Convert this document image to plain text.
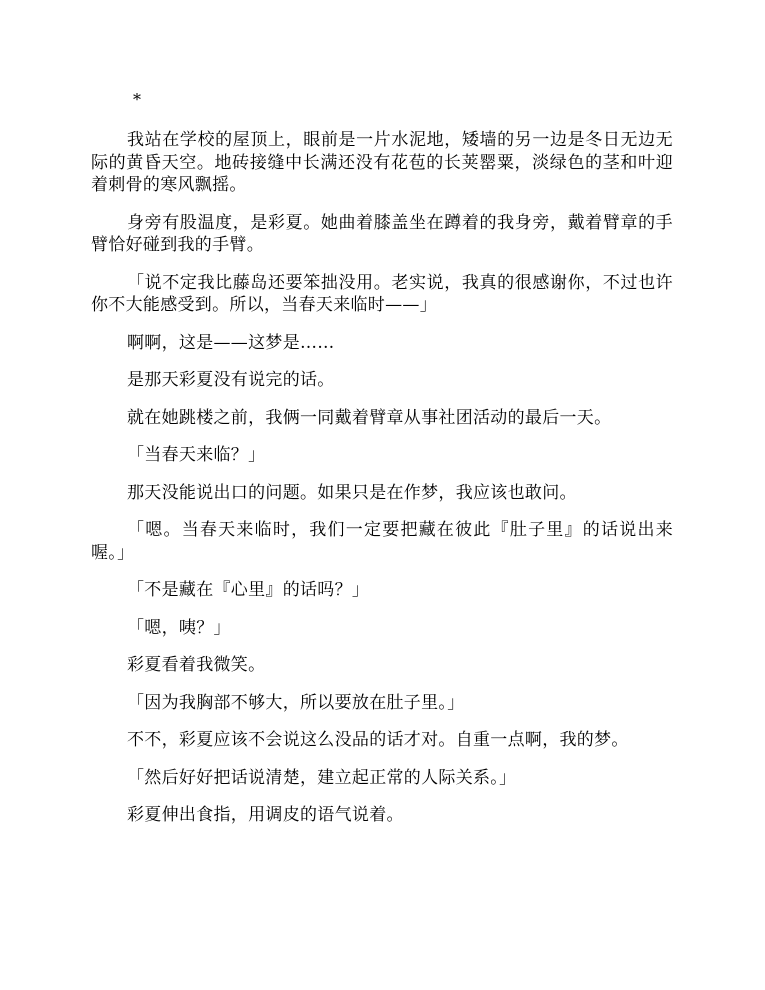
*

我站在学校的屋顶上，眼前是一片水泥地，矮墙的另一边是冬日无边无际的黄昏天空。地砖接缝中长满还没有花苞的长荚罂粟，淡绿色的茎和叶迎着刺骨的寒风飘摇。

身旁有股温度，是彩夏。她曲着膝盖坐在蹲着的我身旁，戴着臂章的手臂恰好碰到我的手臂。

「说不定我比藤岛还要笨拙没用。老实说，我真的很感谢你，不过也许你不大能感受到。所以，当春天来临时——」

啊啊，这是——这梦是……

是那天彩夏没有说完的话。

就在她跳楼之前，我俩一同戴着臂章从事社团活动的最后一天。

「当春天来临？」

那天没能说出口的问题。如果只是在作梦，我应该也敢问。

「嗯。当春天来临时，我们一定要把藏在彼此『肚子里』的话说出来喔。」

「不是藏在『心里』的话吗？」

「嗯，咦？」

彩夏看着我微笑。

「因为我胸部不够大，所以要放在肚子里。」

不不，彩夏应该不会说这么没品的话才对。自重一点啊，我的梦。

「然后好好把话说清楚，建立起正常的人际关系。」

彩夏伸出食指，用调皮的语气说着。
